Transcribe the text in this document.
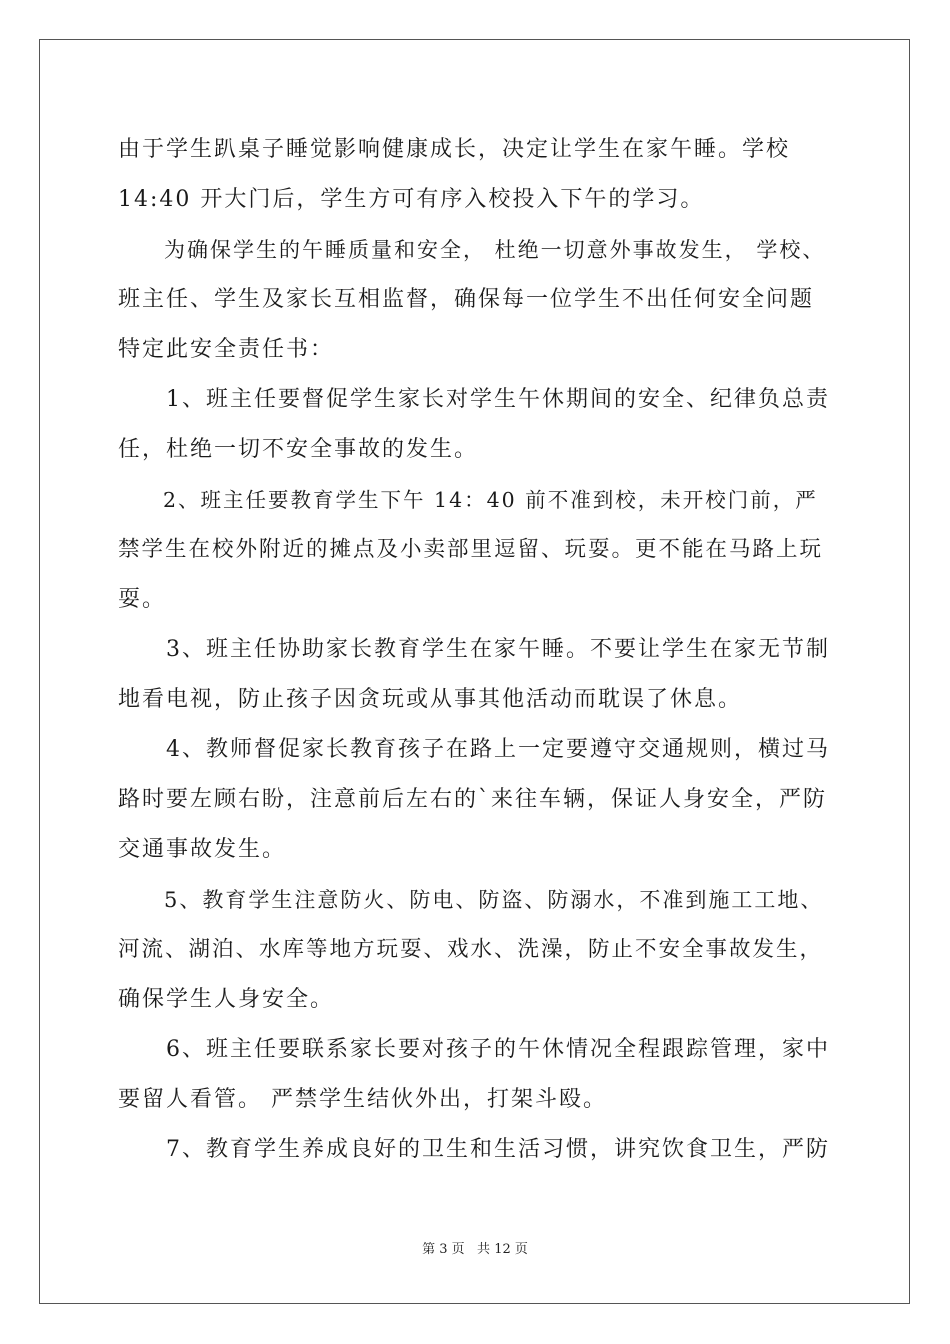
由于学生趴桌子睡觉影响健康成长，决定让学生在家午睡。学校
14:40 开大门后，学生方可有序入校投入下午的学习。
　　为确保学生的午睡质量和安全， 杜绝一切意外事故发生， 学校、
班主任、学生及家长互相监督，确保每一位学生不出任何安全问题
特定此安全责任书：
　　1、班主任要督促学生家长对学生午休期间的安全、纪律负总责
任，杜绝一切不安全事故的发生。
　　2、班主任要教育学生下午 14：40 前不准到校，未开校门前，严
禁学生在校外附近的摊点及小卖部里逗留、玩耍。更不能在马路上玩
耍。
　　3、班主任协助家长教育学生在家午睡。不要让学生在家无节制
地看电视，防止孩子因贪玩或从事其他活动而耽误了休息。
　　4、教师督促家长教育孩子在路上一定要遵守交通规则，横过马
路时要左顾右盼，注意前后左右的`来往车辆，保证人身安全，严防
交通事故发生。
　　5、教育学生注意防火、防电、防盗、防溺水，不准到施工工地、
河流、湖泊、水库等地方玩耍、戏水、洗澡，防止不安全事故发生，
确保学生人身安全。
　　6、班主任要联系家长要对孩子的午休情况全程跟踪管理，家中
要留人看管。 严禁学生结伙外出，打架斗殴。
　　7、教育学生养成良好的卫生和生活习惯，讲究饮食卫生，严防
第 3 页   共 12 页
